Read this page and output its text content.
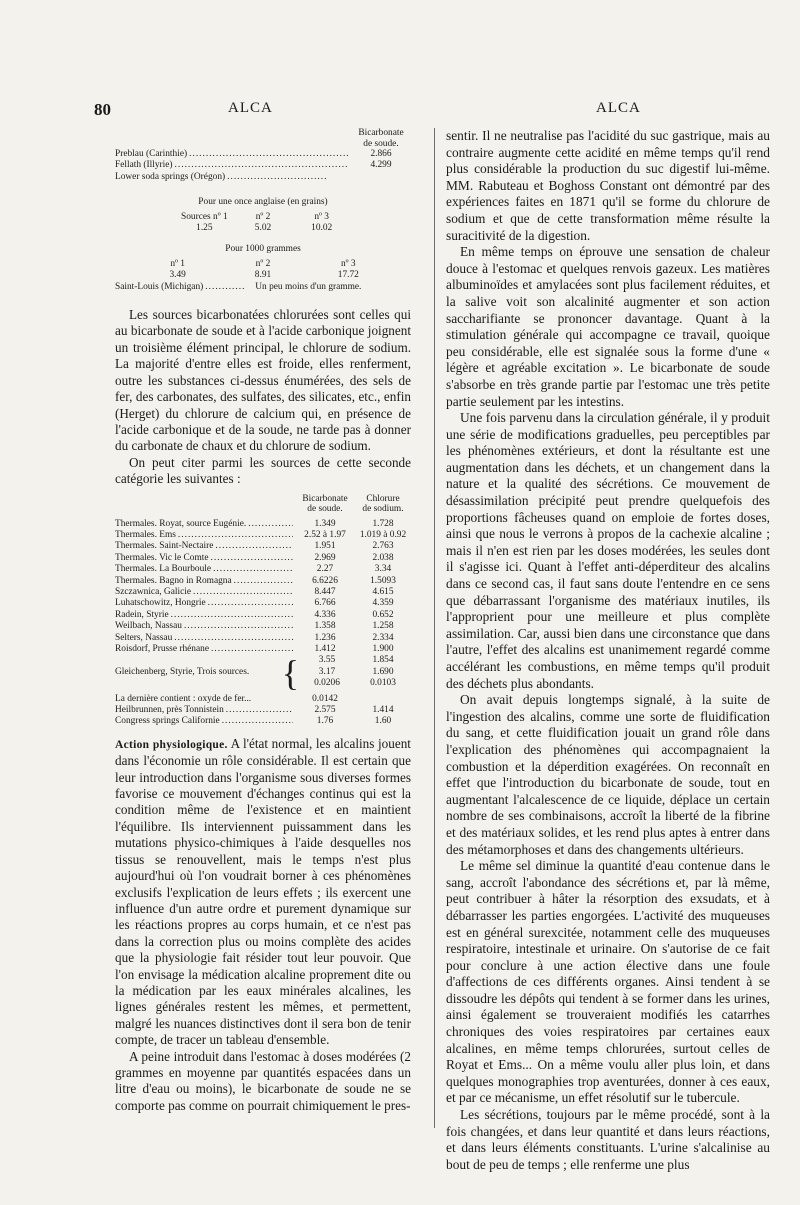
80	ALCA	ALCA
Bicarbonate
de soude.
Preblau (Carinthie) .....	2.866
Fellath (Illyrie) .....	4.299
Lower soda springs (Orégon)
.....
Pour une once anglaise (en grains)
Sources nº 1	nº 2	nº 3
1.25	5.02	10.02
Pour 1000 grammes
nº 1	nº 2	nº 3
3.49	8.91	17.72
Saint-Louis (Michigan) .....	Un peu moins d'un gramme.

Les sources bicarbonatées chlorurées sont celles qui au bicarbonate de soude et à l'acide carbonique joignent un troisième élément principal, le chlorure de sodium. La majorité d'entre elles est froide, elles renferment, outre les substances ci-dessus énumérées, des sels de fer, des carbonates, des sulfates, des silicates, etc., enfin (Herget) du chlorure de calcium qui, en présence de l'acide carbonique et de la soude, ne tarde pas à donner du carbonate de chaux et du chlorure de sodium.

On peut citer parmi les sources de cette seconde catégorie les suivantes :

Bicarbonate
de soude.
Chlorure
de sodium.
Thermales. Royat, source Eugénie. .....	1.349	1.728
Thermales. Ems .....	2.52 à 1.97	1.019 à 0.92
Thermales. Saint-Nectaire .....	1.951	2.763
Thermales. Vic le Comte .....	2.969	2.038
Thermales. La Bourboule .....	2.27	3.34
Thermales. Bagno in Romagna .....	6.6226	1.5093
Szczawnica, Galicie .....	8.447	4.615
Luhatschowitz, Hongrie .....	6.766	4.359
Radein, Styrie .....	4.336	0.652
Weilbach, Nassau .....	1.358	1.258
Selters, Nassau .....	1.236	2.334
Roisdorf, Prusse rhénane .....	1.412	1.900
Gleichenberg, Styrie, Trois sources. {	3.55	1.854
3.17	1.690
0.0206	0.0103
La dernière contient : oxyde de fer...	0.0142
Heilbrunnen, près Tonnistein .....	2.575	1.414
Congress springs Californie .....	1.76	1.60

Action physiologique. A l'état normal, les alcalins jouent dans l'économie un rôle considérable. Il est certain que leur introduction dans l'organisme sous diverses formes favorise ce mouvement d'échanges continus qui est la condition même de l'existence et en maintient l'équilibre. Ils interviennent puissamment dans les mutations physico-chimiques à l'aide desquelles nos tissus se renouvellent, mais le temps n'est plus aujourd'hui où l'on voudrait borner à ces phénomènes exclusifs l'explication de leurs effets ; ils exercent une influence d'un autre ordre et purement dynamique sur les réactions propres au corps humain, et ce n'est pas dans la correction plus ou moins complète des acides que la physiologie fait résider tout leur pouvoir. Que l'on envisage la médication alcaline proprement dite ou la médication par les eaux minérales alcalines, les lignes générales restent les mêmes, et permettent, malgré les nuances distinctives dont il sera bon de tenir compte, de tracer un tableau d'ensemble.

A peine introduit dans l'estomac à doses modérées (2 grammes en moyenne par quantités espacées dans un litre d'eau ou moins), le bicarbonate de soude ne se comporte pas comme on pourrait chimiquement le pres-

sentir. Il ne neutralise pas l'acidité du suc gastrique, mais au contraire augmente cette acidité en même temps qu'il rend plus considérable la production du suc digestif lui-même. MM. Rabuteau et Boghoss Constant ont démontré par des expériences faites en 1871 qu'il se forme du chlorure de sodium et que de cette transformation même résulte la suracitivité de la digestion.

En même temps on éprouve une sensation de chaleur douce à l'estomac et quelques renvois gazeux. Les matières albuminoïdes et amylacées sont plus facilement réduites, et la salive voit son alcalinité augmenter et son action saccharifiante se prononcer davantage. Quant à la stimulation générale qui accompagne ce travail, quoique peu considérable, elle est signalée sous la forme d'une « légère et agréable excitation ». Le bicarbonate de soude s'absorbe en très grande partie par l'estomac une très petite partie seulement par les intestins.

Une fois parvenu dans la circulation générale, il y produit une série de modifications graduelles, peu perceptibles par les phénomènes extérieurs, et dont la résultante est une augmentation dans les déchets, et un changement dans la nature et la qualité des sécrétions. Ce mouvement de désassimilation précipité peut prendre quelquefois des proportions fâcheuses quand on emploie de fortes doses, ainsi que nous le verrons à propos de la cachexie alcaline ; mais il n'en est rien par les doses modérées, les seules dont il s'agisse ici. Quant à l'effet anti-déperditeur des alcalins dans ce second cas, il faut sans doute l'entendre en ce sens que débarrassant l'organisme des matériaux inutiles, ils l'approprient pour une meilleure et plus complète assimilation. Car, aussi bien dans une circonstance que dans l'autre, l'effet des alcalins est unanimement regardé comme accélérant les combustions, en même temps qu'il produit des déchets plus abondants.

On avait depuis longtemps signalé, à la suite de l'ingestion des alcalins, comme une sorte de fluidification du sang, et cette fluidification jouait un grand rôle dans l'explication des phénomènes qui accompagnaient la combustion et la déperdition exagérées. On reconnaît en effet que l'introduction du bicarbonate de soude, tout en augmentant l'alcalescence de ce liquide, déplace un certain nombre de ses combinaisons, accroît la liberté de la fibrine et des matériaux solides, et les rend plus aptes à entrer dans des métamorphoses et dans des changements ultérieurs.

Le même sel diminue la quantité d'eau contenue dans le sang, accroît l'abondance des sécrétions et, par là même, peut contribuer à hâter la résorption des exsudats, et à débarrasser les parties engorgées. L'activité des muqueuses est en général surexcitée, notamment celle des muqueuses respiratoire, intestinale et urinaire. On s'autorise de ce fait pour conclure à une action élective dans une foule d'affections de ces différents organes. Ainsi tendent à se dissoudre les dépôts qui tendent à se former dans les urines, ainsi également se trouveraient modifiés les catarrhes chroniques des voies respiratoires par certaines eaux alcalines, en même temps chlorurées, surtout celles de Royat et Ems... On a même voulu aller plus loin, et dans quelques monographies trop aventurées, donner à ces eaux, et par ce mécanisme, un effet résolutif sur le tubercule.

Les sécrétions, toujours par le même procédé, sont à la fois changées, et dans leur quantité et dans leurs réactions, et dans leurs éléments constituants. L'urine s'alcalinise au bout de peu de temps ; elle renferme une plus
